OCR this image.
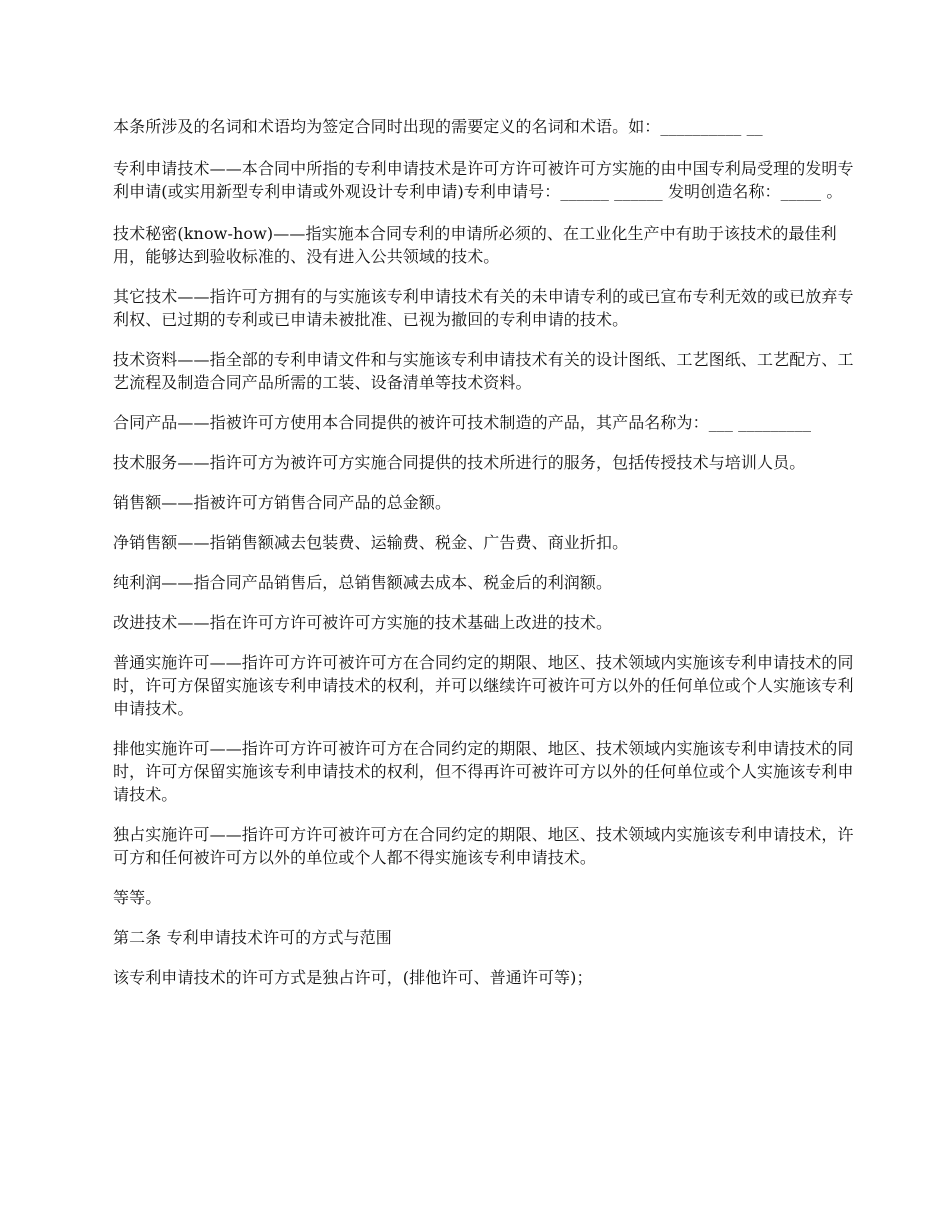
本条所涉及的名词和术语均为签定合同时出现的需要定义的名词和术语。如：__________ __

专利申请技术——本合同中所指的专利申请技术是许可方许可被许可方实施的由中国专利局受理的发明专利申请(或实用新型专利申请或外观设计专利申请)专利申请号：______ ______ 发明创造名称：_____ 。

技术秘密(know-how)——指实施本合同专利的申请所必须的、在工业化生产中有助于该技术的最佳利用，能够达到验收标准的、没有进入公共领域的技术。

其它技术——指许可方拥有的与实施该专利申请技术有关的未申请专利的或已宣布专利无效的或已放弃专利权、已过期的专利或已申请未被批准、已视为撤回的专利申请的技术。

技术资料——指全部的专利申请文件和与实施该专利申请技术有关的设计图纸、工艺图纸、工艺配方、工艺流程及制造合同产品所需的工装、设备清单等技术资料。

合同产品——指被许可方使用本合同提供的被许可技术制造的产品，其产品名称为：___ _________

技术服务——指许可方为被许可方实施合同提供的技术所进行的服务，包括传授技术与培训人员。

销售额——指被许可方销售合同产品的总金额。

净销售额——指销售额减去包装费、运输费、税金、广告费、商业折扣。

纯利润——指合同产品销售后，总销售额减去成本、税金后的利润额。

改进技术——指在许可方许可被许可方实施的技术基础上改进的技术。

普通实施许可——指许可方许可被许可方在合同约定的期限、地区、技术领域内实施该专利申请技术的同时，许可方保留实施该专利申请技术的权利，并可以继续许可被许可方以外的任何单位或个人实施该专利申请技术。

排他实施许可——指许可方许可被许可方在合同约定的期限、地区、技术领域内实施该专利申请技术的同时，许可方保留实施该专利申请技术的权利，但不得再许可被许可方以外的任何单位或个人实施该专利申请技术。

独占实施许可——指许可方许可被许可方在合同约定的期限、地区、技术领域内实施该专利申请技术，许可方和任何被许可方以外的单位或个人都不得实施该专利申请技术。

等等。

第二条 专利申请技术许可的方式与范围

该专利申请技术的许可方式是独占许可，(排他许可、普通许可等)；
